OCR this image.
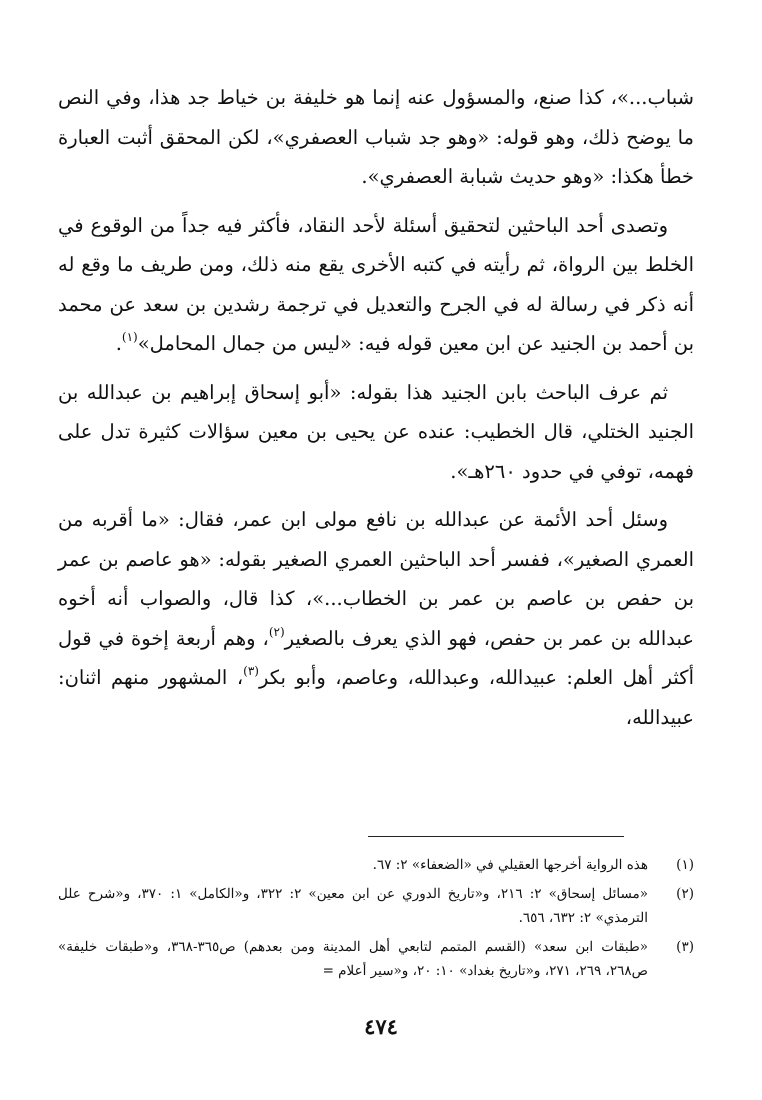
شباب...»، كذا صنع، والمسؤول عنه إنما هو خليفة بن خياط جد هذا، وفي النص ما يوضح ذلك، وهو قوله: «وهو جد شباب العصفري»، لكن المحقق أثبت العبارة خطأ هكذا: «وهو حديث شبابة العصفري».

وتصدى أحد الباحثين لتحقيق أسئلة لأحد النقاد، فأكثر فيه جداً من الوقوع في الخلط بين الرواة، ثم رأيته في كتبه الأخرى يقع منه ذلك، ومن طريف ما وقع له أنه ذكر في رسالة له في الجرح والتعديل في ترجمة رشدين بن سعد عن محمد بن أحمد بن الجنيد عن ابن معين قوله فيه: «ليس من جمال المحامل»$^{(١)}$.

ثم عرف الباحث بابن الجنيد هذا بقوله: «أبو إسحاق إبراهيم بن عبدالله بن الجنيد الختلي، قال الخطيب: عنده عن يحيى بن معين سؤالات كثيرة تدل على فهمه، توفي في حدود ٢٦٠هـ».

وسئل أحد الأئمة عن عبدالله بن نافع مولى ابن عمر، فقال: «ما أقربه من العمري الصغير»، ففسر أحد الباحثين العمري الصغير بقوله: «هو عاصم بن عمر بن حفص بن عاصم بن عمر بن الخطاب...»، كذا قال، والصواب أنه أخوه عبدالله بن عمر بن حفص، فهو الذي يعرف بالصغير$^{(٢)}$، وهم أربعة إخوة في قول أكثر أهل العلم: عبيدالله، وعبدالله، وعاصم، وأبو بكر$^{(٣)}$، المشهور منهم اثنان: عبيدالله،

(١)
هذه الرواية أخرجها العقيلي في «الضعفاء» ٢: ٦٧.
(٢)
«مسائل إسحاق» ٢: ٢١٦، و«تاريخ الدوري عن ابن معين» ٢: ٣٢٢، و«الكامل» ١: ٣٧٠، و«شرح علل الترمذي» ٢: ٦٣٢، ٦٥٦.
(٣)
«طبقات ابن سعد» (القسم المتمم لتابعي أهل المدينة ومن بعدهم) ص٣٦٥-٣٦٨، و«طبقات خليفة» ص٢٦٨، ٢٦٩، ٢٧١، و«تاريخ بغداد» ١٠: ٢٠، و«سير أعلام =
٤٧٤
